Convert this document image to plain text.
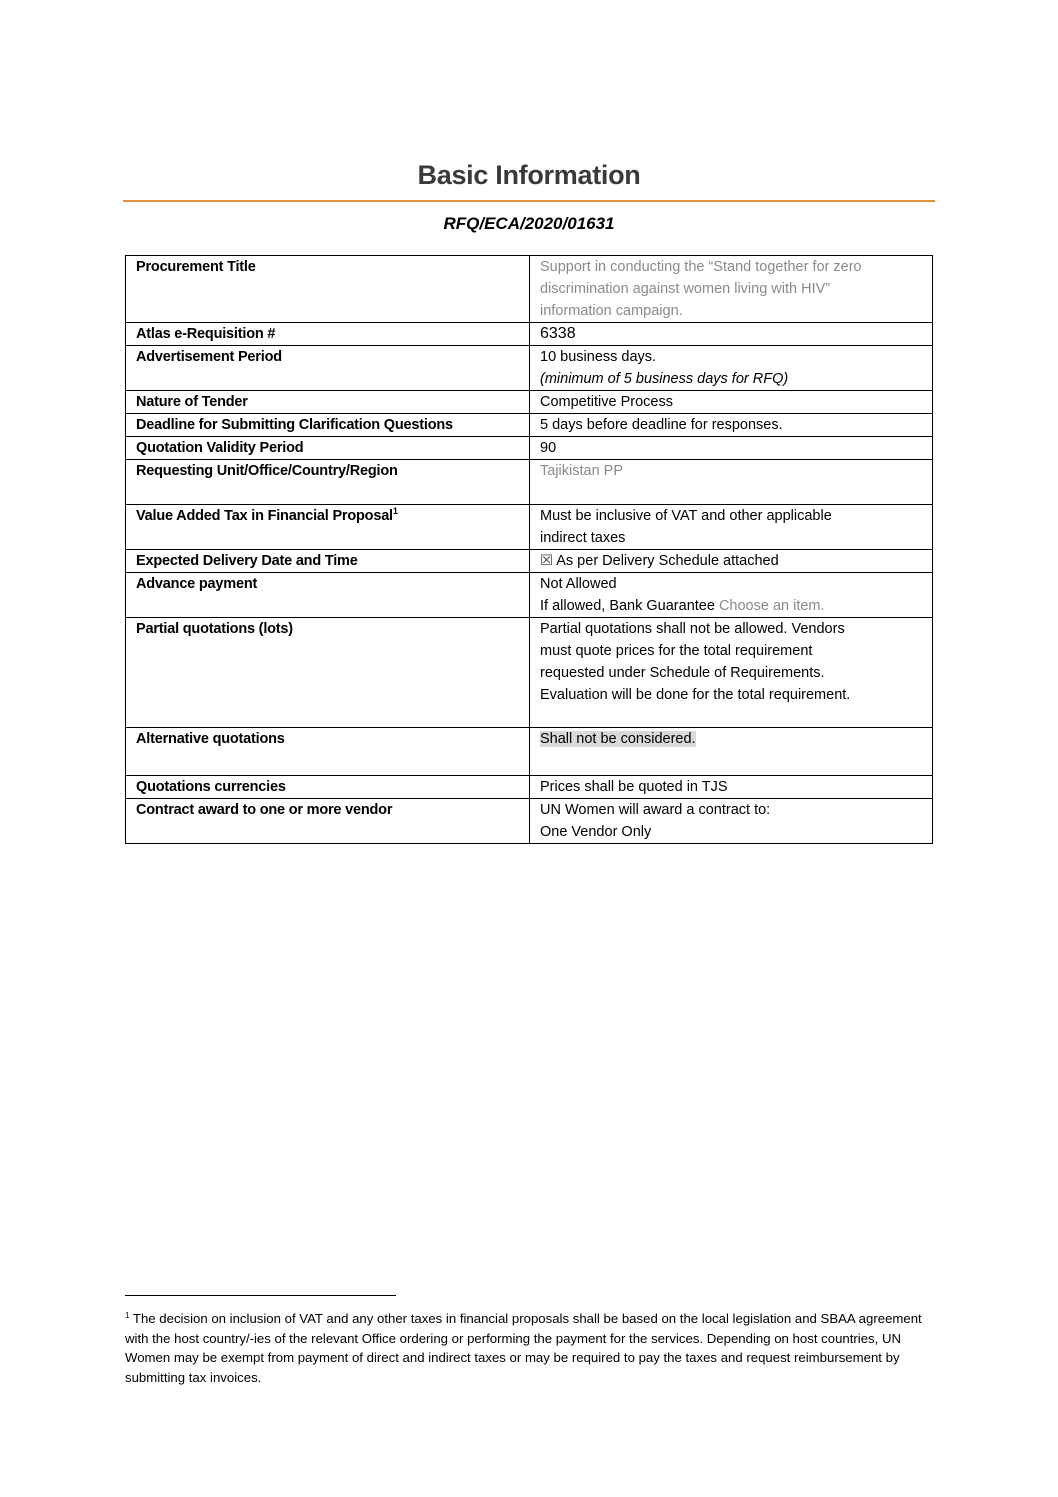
Basic Information
RFQ/ECA/2020/01631
Procurement Title	Support in conducting the “Stand together for zero
discrimination against women living with HIV”
information campaign.

Atlas e-Requisition #	6338
Advertisement Period	10 business days.
(minimum of 5 business days for RFQ)

Nature of Tender	Competitive Process
Deadline for Submitting Clarification Questions	5 days before deadline for responses.
Quotation Validity Period	90
Requesting Unit/Office/Country/Region	Tajikistan PP
Value Added Tax in Financial Proposal$^1$	Must be inclusive of VAT and other applicable
indirect taxes

Expected Delivery Date and Time	☒ As per Delivery Schedule attached
Advance payment	Not Allowed
If allowed, Bank Guarantee Choose an item.

Partial quotations (lots)	Partial quotations shall not be allowed. Vendors
must quote prices for the total requirement
requested under Schedule of Requirements.
Evaluation will be done for the total requirement.

Alternative quotations	Shall not be considered.
Quotations currencies	Prices shall be quoted in TJS
Contract award to one or more vendor	UN Women will award a contract to:
One Vendor Only
$^1$ The decision on inclusion of VAT and any other taxes in financial proposals shall be based on the local legislation and SBAA agreement with the host country/-ies of the relevant Office ordering or performing the payment for the services. Depending on host countries, UN Women may be exempt from payment of direct and indirect taxes or may be required to pay the taxes and request reimbursement by submitting tax invoices.
